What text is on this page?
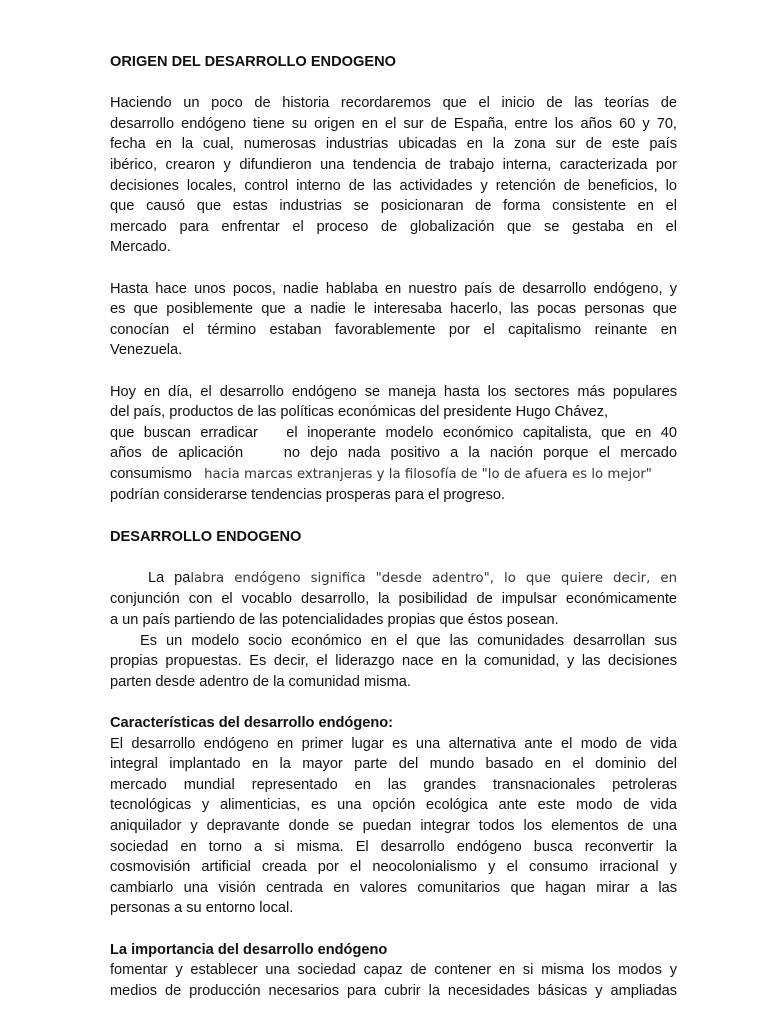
ORIGEN DEL DESARROLLO ENDOGENO

Haciendo un poco de historia recordaremos que el inicio de las teorías de
desarrollo endógeno tiene su origen en el sur de España, entre los años 60 y 70,
fecha en la cual, numerosas industrias ubicadas en la zona sur de este país
ibérico, crearon y difundieron una tendencia de trabajo interna, caracterizada por
decisiones locales, control interno de las actividades y retención de beneficios, lo
que causó que estas industrias se posicionaran de forma consistente en el
mercado para enfrentar el proceso de globalización que se gestaba en el
Mercado.

Hasta hace unos pocos, nadie hablaba en nuestro país de desarrollo endógeno, y
es que posiblemente que a nadie le interesaba hacerlo, las pocas personas que
conocían el término estaban favorablemente por el capitalismo reinante en
Venezuela.

Hoy en día, el desarrollo endógeno se maneja hasta los sectores más populares
del país, productos de las políticas económicas del presidente Hugo Chávez,
que buscan erradicar   el inoperante modelo económico capitalista, que en 40
años de aplicación    no dejo nada positivo a la nación porque el mercado
consumismo hacia marcas extranjeras y la filosofía de "lo de afuera es lo mejor"
podrían considerarse tendencias prosperas para el progreso.

DESARROLLO ENDOGENO

La palabra endógeno significa "desde adentro", lo que quiere decir, en
conjunción con el vocablo desarrollo, la posibilidad de impulsar económicamente
a un país partiendo de las potencialidades propias que éstos posean.

Es un modelo socio económico en el que las comunidades desarrollan sus
propias propuestas. Es decir, el liderazgo nace en la comunidad, y las decisiones
parten desde adentro de la comunidad misma.

Características del desarrollo endógeno:

El desarrollo endógeno en primer lugar es una alternativa ante el modo de vida
integral implantado en la mayor parte del mundo basado en el dominio del
mercado mundial representado en las grandes transnacionales petroleras
tecnológicas y alimenticias, es una opción ecológica ante este modo de vida
aniquilador y depravante donde se puedan integrar todos los elementos de una
sociedad en torno a si misma. El desarrollo endógeno busca reconvertir la
cosmovisión artificial creada por el neocolonialismo y el consumo irracional y
cambiarlo una visión centrada en valores comunitarios que hagan mirar a las
personas a su entorno local.

La importancia del desarrollo endógeno

fomentar y establecer una sociedad capaz de contener en si misma los modos y
medios de producción necesarios para cubrir la necesidades básicas y ampliadas
